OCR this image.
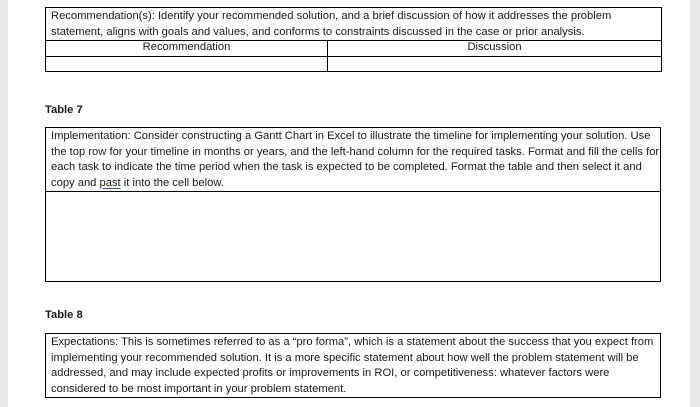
Recommendation(s): Identify your recommended solution, and a brief discussion of how it addresses the problem statement, aligns with goals and values, and conforms to constraints discussed in the case or prior analysis.	
Recommendation	Discussion

Table 7
Implementation: Consider constructing a Gantt Chart in Excel to illustrate the timeline for implementing your solution. Use the top row for your timeline in months or years, and the left-hand column for the required tasks. Format and fill the cells for each task to indicate the time period when the task is expected to be completed. Format the table and then select it and copy and past it into the cell below.

Table 8
Expectations: This is sometimes referred to as a “pro forma”, which is a statement about the success that you expect from implementing your recommended solution. It is a more specific statement about how well the problem statement will be addressed, and may include expected profits or improvements in ROI, or competitiveness: whatever factors were considered to be most important in your problem statement.
